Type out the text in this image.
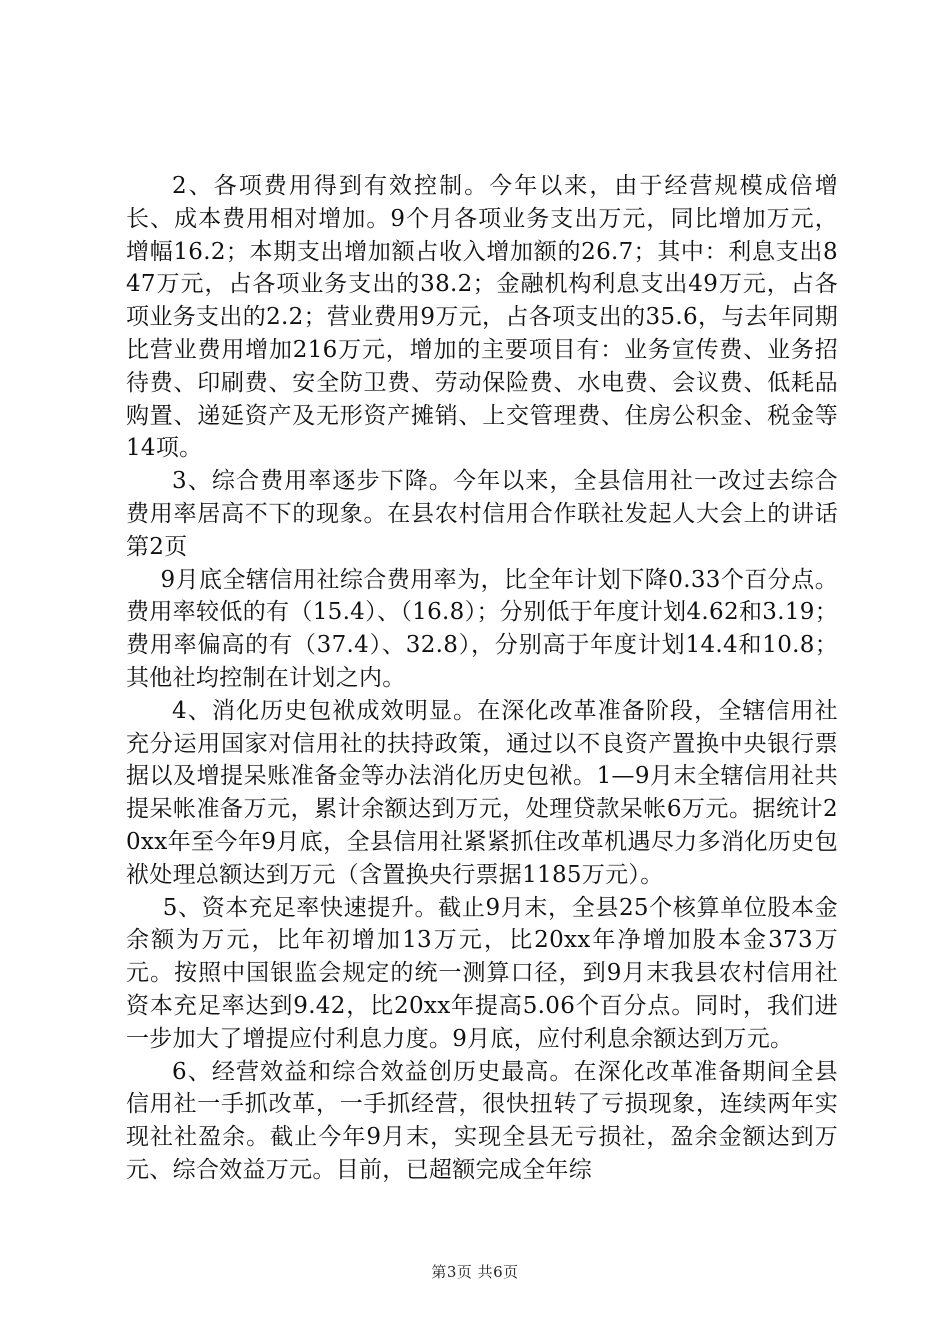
2、各项费用得到有效控制。今年以来，由于经营规模成倍增长、成本费用相对增加。9个月各项业务支出万元，同比增加万元，增幅16.2；本期支出增加额占收入增加额的26.7；其中：利息支出847万元，占各项业务支出的38.2；金融机构利息支出49万元，占各项业务支出的2.2；营业费用9万元，占各项支出的35.6，与去年同期比营业费用增加216万元，增加的主要项目有：业务宣传费、业务招待费、印刷费、安全防卫费、劳动保险费、水电费、会议费、低耗品购置、递延资产及无形资产摊销、上交管理费、住房公积金、税金等14项。

3、综合费用率逐步下降。今年以来，全县信用社一改过去综合费用率居高不下的现象。在县农村信用合作联社发起人大会上的讲话第2页

9月底全辖信用社综合费用率为，比全年计划下降0.33个百分点。费用率较低的有（15.4）、（16.8）；分别低于年度计划4.62和3.19；费用率偏高的有（37.4）、32.8），分别高于年度计划14.4和10.8；其他社均控制在计划之内。

4、消化历史包袱成效明显。在深化改革准备阶段，全辖信用社充分运用国家对信用社的扶持政策，通过以不良资产置换中央银行票据以及增提呆账准备金等办法消化历史包袱。1—9月末全辖信用社共提呆帐准备万元，累计余额达到万元，处理贷款呆帐6万元。据统计20xx年至今年9月底，全县信用社紧紧抓住改革机遇尽力多消化历史包袱处理总额达到万元（含置换央行票据1185万元）。

5、资本充足率快速提升。截止9月末，全县25个核算单位股本金余额为万元，比年初增加13万元，比20xx年净增加股本金373万元。按照中国银监会规定的统一测算口径，到9月末我县农村信用社资本充足率达到9.42，比20xx年提高5.06个百分点。同时，我们进一步加大了增提应付利息力度。9月底，应付利息余额达到万元。

6、经营效益和综合效益创历史最高。在深化改革准备期间全县信用社一手抓改革，一手抓经营，很快扭转了亏损现象，连续两年实现社社盈余。截止今年9月末，实现全县无亏损社，盈余金额达到万元、综合效益万元。目前，已超额完成全年综

第3页 共6页
